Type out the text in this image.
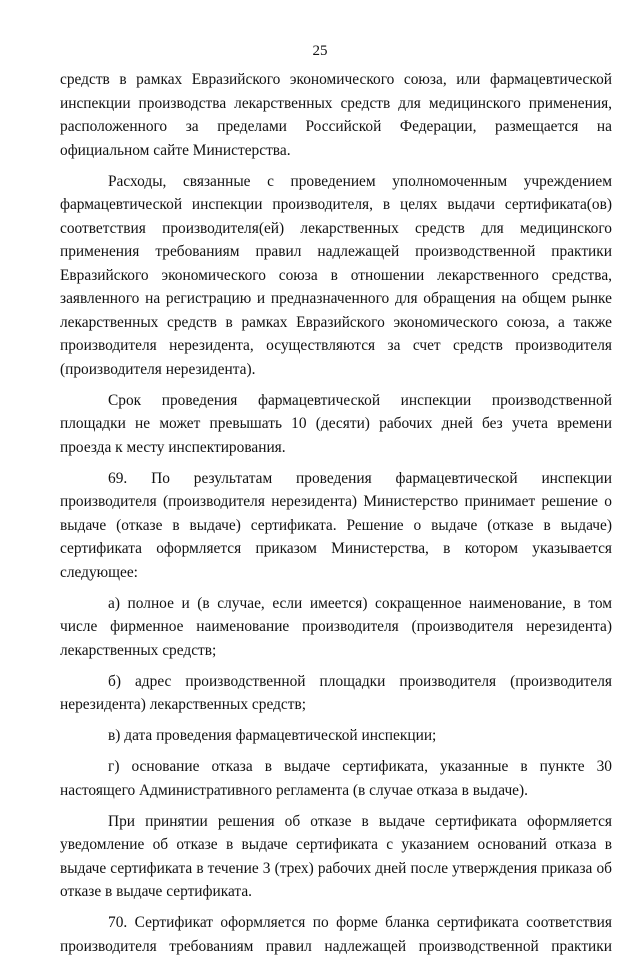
25

средств в рамках Евразийского экономического союза, или фармацевтической инспекции производства лекарственных средств для медицинского применения, расположенного за пределами Российской Федерации, размещается на официальном сайте Министерства.

Расходы, связанные с проведением уполномоченным учреждением фармацевтической инспекции производителя, в целях выдачи сертификата(ов) соответствия производителя(ей) лекарственных средств для медицинского применения требованиям правил надлежащей производственной практики Евразийского экономического союза в отношении лекарственного средства, заявленного на регистрацию и предназначенного для обращения на общем рынке лекарственных средств в рамках Евразийского экономического союза, а также производителя нерезидента, осуществляются за счет средств производителя (производителя нерезидента).

Срок проведения фармацевтической инспекции производственной площадки не может превышать 10 (десяти) рабочих дней без учета времени проезда к месту инспектирования.

69. По результатам проведения фармацевтической инспекции производителя (производителя нерезидента) Министерство принимает решение о выдаче (отказе в выдаче) сертификата. Решение о выдаче (отказе в выдаче) сертификата оформляется приказом Министерства, в котором указывается следующее:

а) полное и (в случае, если имеется) сокращенное наименование, в том числе фирменное наименование производителя (производителя нерезидента) лекарственных средств;

б) адрес производственной площадки производителя (производителя нерезидента) лекарственных средств;

в) дата проведения фармацевтической инспекции;

г) основание отказа в выдаче сертификата, указанные в пункте 30 настоящего Административного регламента (в случае отказа в выдаче).

При принятии решения об отказе в выдаче сертификата оформляется уведомление об отказе в выдаче сертификата с указанием оснований отказа в выдаче сертификата в течение 3 (трех) рабочих дней после утверждения приказа об отказе в выдаче сертификата.

70. Сертификат оформляется по форме бланка сертификата соответствия производителя требованиям правил надлежащей производственной практики
